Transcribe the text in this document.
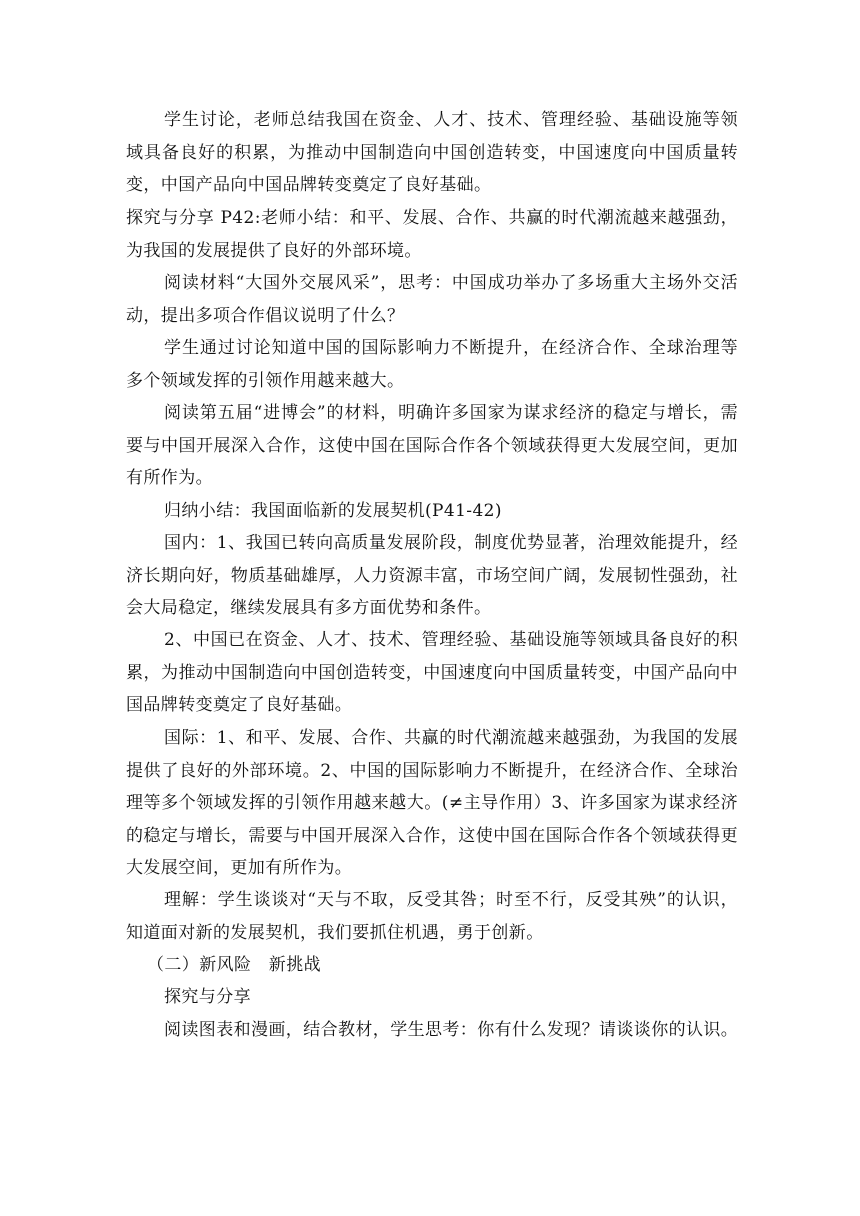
学生讨论，老师总结我国在资金、人才、技术、管理经验、基础设施等领域具备良好的积累，为推动中国制造向中国创造转变，中国速度向中国质量转变，中国产品向中国品牌转变奠定了良好基础。

探究与分享 P42:老师小结：和平、发展、合作、共赢的时代潮流越来越强劲，为我国的发展提供了良好的外部环境。

阅读材料“大国外交展风采”，思考：中国成功举办了多场重大主场外交活动，提出多项合作倡议说明了什么？

学生通过讨论知道中国的国际影响力不断提升，在经济合作、全球治理等多个领域发挥的引领作用越来越大。

阅读第五届“进博会”的材料，明确许多国家为谋求经济的稳定与增长，需要与中国开展深入合作，这使中国在国际合作各个领域获得更大发展空间，更加有所作为。

归纳小结：我国面临新的发展契机(P41-42)

国内：1、我国已转向高质量发展阶段，制度优势显著，治理效能提升，经济长期向好，物质基础雄厚，人力资源丰富，市场空间广阔，发展韧性强劲，社会大局稳定，继续发展具有多方面优势和条件。

2、中国已在资金、人才、技术、管理经验、基础设施等领域具备良好的积累，为推动中国制造向中国创造转变，中国速度向中国质量转变，中国产品向中国品牌转变奠定了良好基础。

国际：1、和平、发展、合作、共赢的时代潮流越来越强劲，为我国的发展提供了良好的外部环境。2、中国的国际影响力不断提升，在经济合作、全球治理等多个领域发挥的引领作用越来越大。(≠主导作用）3、许多国家为谋求经济的稳定与增长，需要与中国开展深入合作，这使中国在国际合作各个领域获得更大发展空间，更加有所作为。

理解：学生谈谈对“天与不取，反受其咎；时至不行，反受其殃”的认识，知道面对新的发展契机，我们要抓住机遇，勇于创新。

（二）新风险　新挑战

探究与分享

阅读图表和漫画，结合教材，学生思考：你有什么发现？请谈谈你的认识。
